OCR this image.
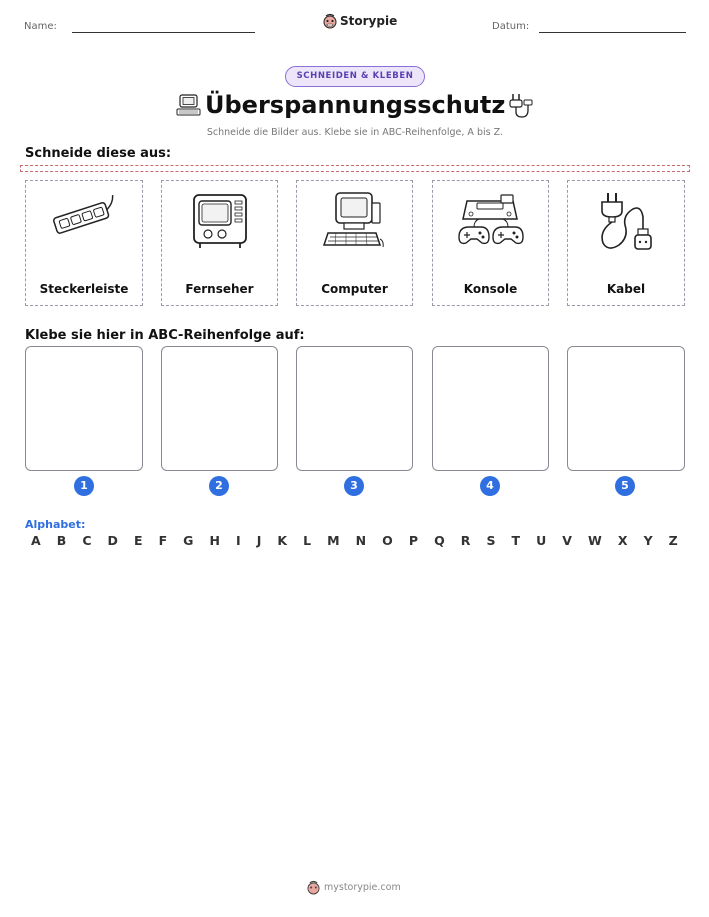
Name:	Storypie	Datum:
SCHNEIDEN & KLEBEN
Überspannungsschutz
Schneide die Bilder aus. Klebe sie in ABC-Reihenfolge, A bis Z.
Schneide diese aus:
Steckerleiste	Fernseher	Computer	Konsole	Kabel
Klebe sie hier in ABC-Reihenfolge auf:
1	2	3	4	5
Alphabet:
A B C D E F G H I J K L M N O P Q R S T U V W X Y Z
mystorypie.com
